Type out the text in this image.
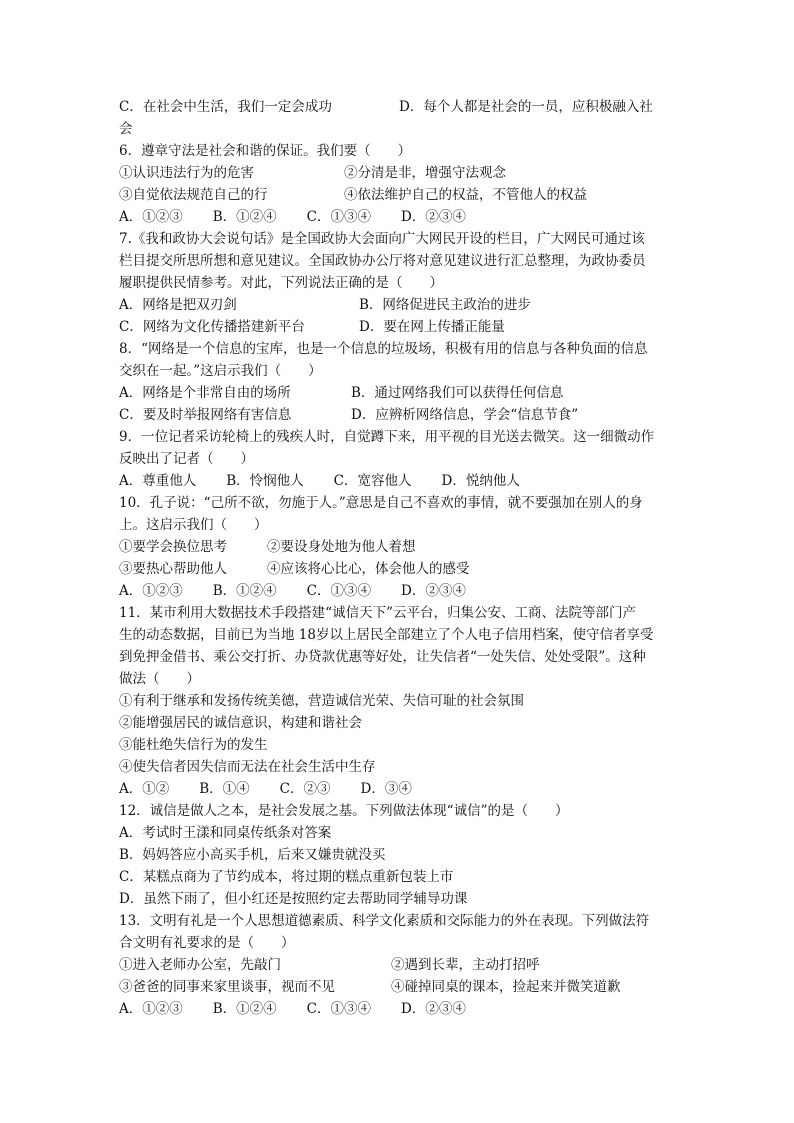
C．在社会中生活，我们一定会成功	D．每个人都是社会的一员，应积极融入社
会
6．遵章守法是社会和谐的保证。我们要（　　）
①认识违法行为的危害	②分清是非，增强守法观念
③自觉依法规范自己的行	④依法维护自己的权益，不管他人的权益
A．①②③ B．①②④ C．①③④ D．②③④
7.《我和政协大会说句话》是全国政协大会面向广大网民开设的栏目，广大网民可通过该
栏目提交所思所想和意见建议。全国政协办公厅将对意见建议进行汇总整理，为政协委员
履职提供民情参考。对此，下列说法正确的是（　　）
A．网络是把双刃剑	B．网络促进民主政治的进步
C．网络为文化传播搭建新平台	D．要在网上传播正能量
8．“网络是一个信息的宝库，也是一个信息的垃圾场，积极有用的信息与各种负面的信息
交织在一起。”这启示我们（　　）
A．网络是个非常自由的场所	B．通过网络我们可以获得任何信息
C．要及时举报网络有害信息	D．应辨析网络信息，学会“信息节食”
9．一位记者采访轮椅上的残疾人时，自觉蹲下来，用平视的目光送去微笑。这一细微动作
反映出了记者（　　）
A．尊重他人 B．怜悯他人 C．宽容他人 D．悦纳他人
10．孔子说：“己所不欲，勿施于人。”意思是自己不喜欢的事情，就不要强加在别人的身
上。这启示我们（　　）
①要学会换位思考	②要设身处地为他人着想
③要热心帮助他人	④应该将心比心，体会他人的感受
A．①②③ B．①②④ C．①③④ D．②③④
11．某市利用大数据技术手段搭建“诚信天下”云平台，归集公安、工商、法院等部门产
生的动态数据，目前已为当地 18岁以上居民全部建立了个人电子信用档案，使守信者享受
到免押金借书、乘公交打折、办贷款优惠等好处，让失信者“一处失信、处处受限”。这种
做法（　　）
①有利于继承和发扬传统美德，营造诚信光荣、失信可耻的社会氛围
②能增强居民的诚信意识，构建和谐社会
③能杜绝失信行为的发生
④使失信者因失信而无法在社会生活中生存
A．①② B．①④ C．②③ D．③④
12．诚信是做人之本，是社会发展之基。下列做法体现“诚信”的是（　　）
A．考试时王漾和同桌传纸条对答案
B．妈妈答应小高买手机，后来又嫌贵就没买
C．某糕点商为了节约成本，将过期的糕点重新包装上市
D．虽然下雨了，但小红还是按照约定去帮助同学辅导功课
13．文明有礼是一个人思想道德素质、科学文化素质和交际能力的外在表现。下列做法符
合文明有礼要求的是（　　）
①进入老师办公室，先敲门	②遇到长辈，主动打招呼
③爸爸的同事来家里谈事，视而不见	④碰掉同桌的课本，捡起来并微笑道歉
A．①②③ B．①②④ C．①③④ D．②③④
